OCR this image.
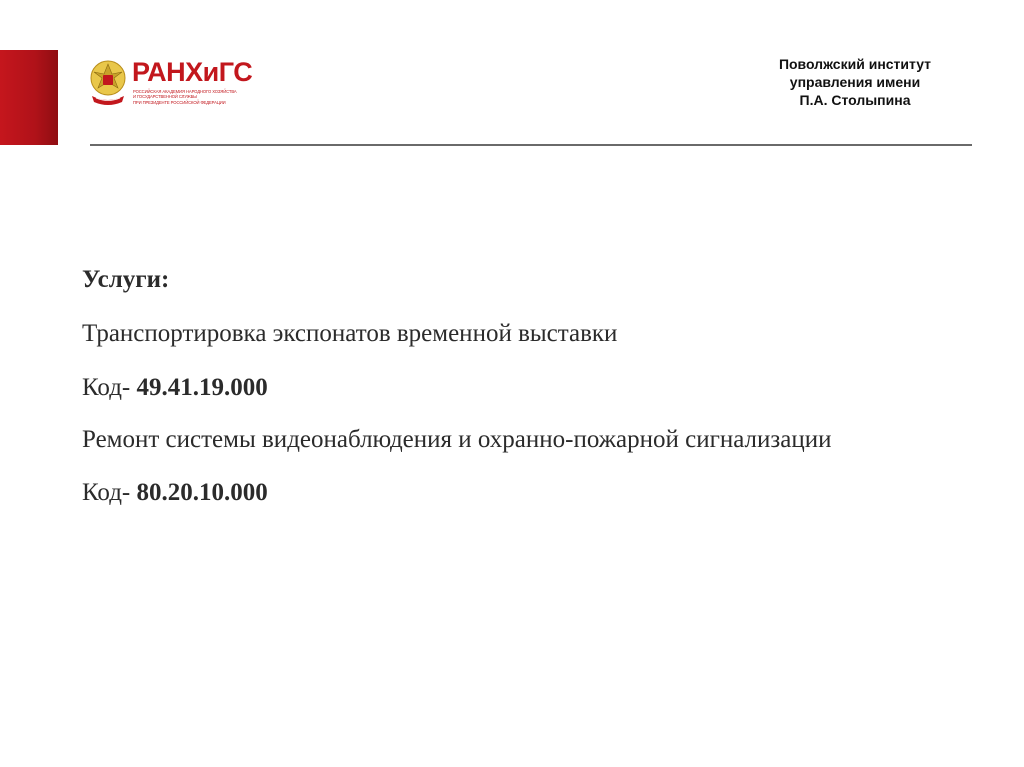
РАНХиГС
РОССИЙСКАЯ АКАДЕМИЯ НАРОДНОГО ХОЗЯЙСТВА
И ГОСУДАРСТВЕННОЙ СЛУЖБЫ
ПРИ ПРЕЗИДЕНТЕ РОССИЙСКОЙ ФЕДЕРАЦИИ
Поволжский институт
управления имени
П.А. Столыпина
Услуги:
Транспортировка экспонатов временной выставки
Код- 49.41.19.000
Ремонт системы видеонаблюдения и охранно-пожарной сигнализации
Код- 80.20.10.000
